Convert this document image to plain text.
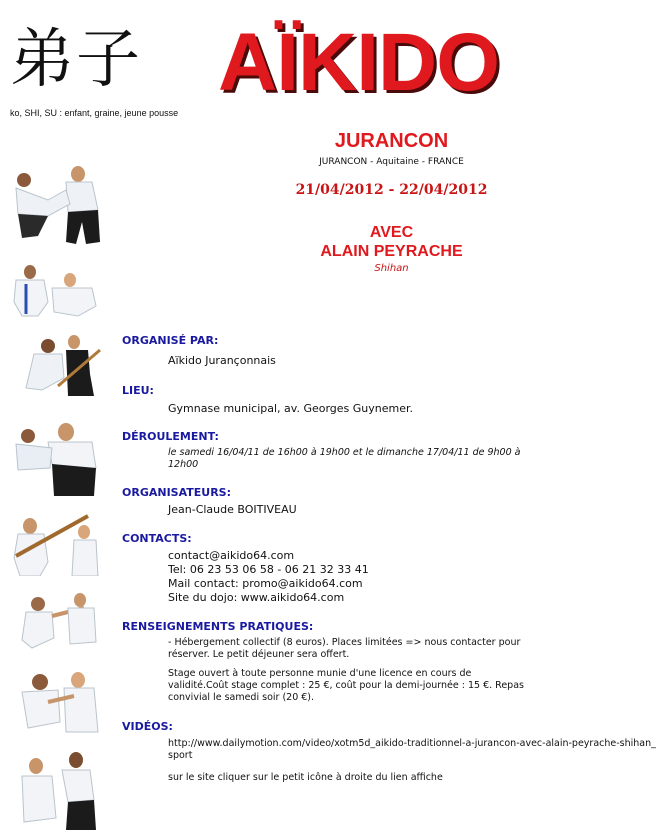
弟子
ko, SHI, SU : enfant, graine, jeune pousse
AÏKIDO
JURANCON
JURANCON - Aquitaine - FRANCE
21/04/2012 - 22/04/2012
AVEC
ALAIN PEYRACHE
Shihan
ORGANISÉ PAR:
Aïkido Jurançonnais
LIEU:
Gymnase municipal, av. Georges Guynemer.
DÉROULEMENT:
le samedi 16/04/11 de 16h00 à 19h00 et le dimanche 17/04/11 de 9h00 à 12h00
ORGANISATEURS:
Jean-Claude BOITIVEAU
CONTACTS:
contact@aikido64.com
Tel: 06 23 53 06 58 - 06 21 32 33 41
Mail contact: promo@aikido64.com
Site du dojo: www.aikido64.com
RENSEIGNEMENTS PRATIQUES:
- Hébergement collectif (8 euros). Places limitées => nous contacter pour réserver. Le petit déjeuner sera offert.
Stage ouvert à toute personne munie d'une licence en cours de validité.Coût stage complet : 25 €, coût pour la demi-journée : 15 €. Repas convivial le samedi soir (20 €).
VIDÉOS:
http://www.dailymotion.com/video/xotm5d_aikido-traditionnel-a-jurancon-avec-alain-peyrache-shihan_sport
sur le site cliquer sur le petit icône à droite du lien affiche
